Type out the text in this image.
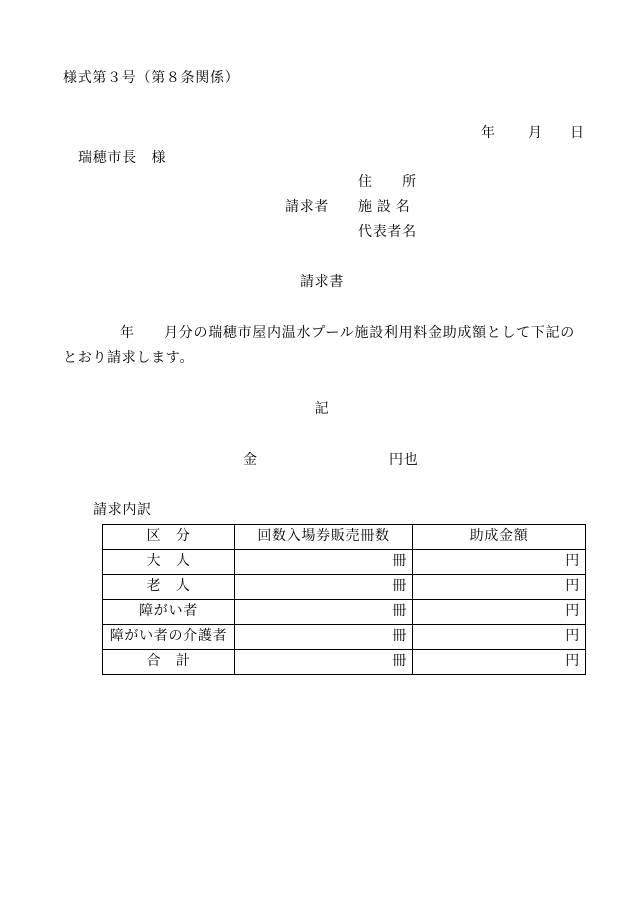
様式第３号（第８条関係）
年 月 日
瑞穂市長　様
住　　所
請求者 施 設 名
代表者名
請求書
年　　月分の瑞穂市屋内温水プール施設利用料金助成額として下記の
とおり請求します。
記
金	円也
請求内訳
区　分	回数入場券販売冊数	助成金額
大　人	冊	円
老　人	冊	円
障がい者	冊	円
障がい者の介護者	冊	円
合　計	冊	円
